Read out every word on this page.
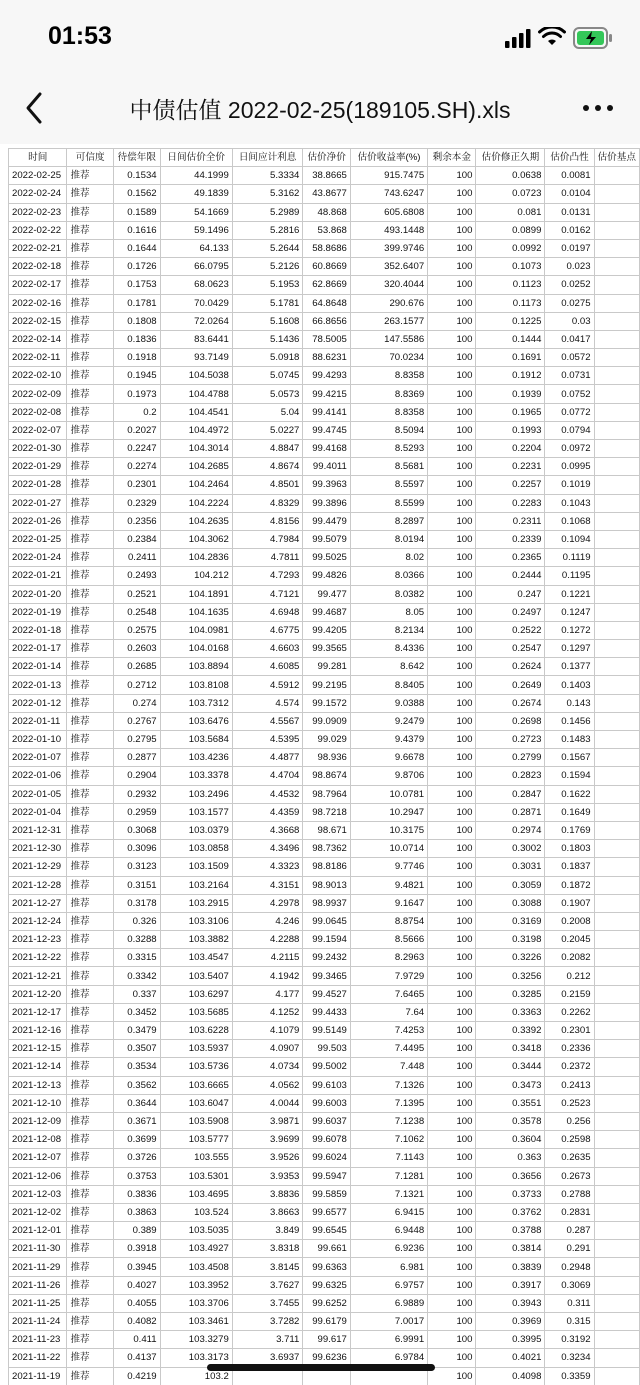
01:53
中债估值 2022-02-25(189105.SH).xls
时间	可信度	待偿年限	日间估价全价	日间应计利息	估价净价	估价收益率(%)	剩余本金	估价修正久期	估价凸性	估价基点
2022-02-25	推荐	0.1534	44.1999	5.3334	38.8665	915.7475	100	0.0638	0.0081	
2022-02-24	推荐	0.1562	49.1839	5.3162	43.8677	743.6247	100	0.0723	0.0104	
2022-02-23	推荐	0.1589	54.1669	5.2989	48.868	605.6808	100	0.081	0.0131	
2022-02-22	推荐	0.1616	59.1496	5.2816	53.868	493.1448	100	0.0899	0.0162	
2022-02-21	推荐	0.1644	64.133	5.2644	58.8686	399.9746	100	0.0992	0.0197	
2022-02-18	推荐	0.1726	66.0795	5.2126	60.8669	352.6407	100	0.1073	0.023	
2022-02-17	推荐	0.1753	68.0623	5.1953	62.8669	320.4044	100	0.1123	0.0252	
2022-02-16	推荐	0.1781	70.0429	5.1781	64.8648	290.676	100	0.1173	0.0275	
2022-02-15	推荐	0.1808	72.0264	5.1608	66.8656	263.1577	100	0.1225	0.03	
2022-02-14	推荐	0.1836	83.6441	5.1436	78.5005	147.5586	100	0.1444	0.0417	
2022-02-11	推荐	0.1918	93.7149	5.0918	88.6231	70.0234	100	0.1691	0.0572	
2022-02-10	推荐	0.1945	104.5038	5.0745	99.4293	8.8358	100	0.1912	0.0731	
2022-02-09	推荐	0.1973	104.4788	5.0573	99.4215	8.8369	100	0.1939	0.0752	
2022-02-08	推荐	0.2	104.4541	5.04	99.4141	8.8358	100	0.1965	0.0772	
2022-02-07	推荐	0.2027	104.4972	5.0227	99.4745	8.5094	100	0.1993	0.0794	
2022-01-30	推荐	0.2247	104.3014	4.8847	99.4168	8.5293	100	0.2204	0.0972	
2022-01-29	推荐	0.2274	104.2685	4.8674	99.4011	8.5681	100	0.2231	0.0995	
2022-01-28	推荐	0.2301	104.2464	4.8501	99.3963	8.5597	100	0.2257	0.1019	
2022-01-27	推荐	0.2329	104.2224	4.8329	99.3896	8.5599	100	0.2283	0.1043	
2022-01-26	推荐	0.2356	104.2635	4.8156	99.4479	8.2897	100	0.2311	0.1068	
2022-01-25	推荐	0.2384	104.3062	4.7984	99.5079	8.0194	100	0.2339	0.1094	
2022-01-24	推荐	0.2411	104.2836	4.7811	99.5025	8.02	100	0.2365	0.1119	
2022-01-21	推荐	0.2493	104.212	4.7293	99.4826	8.0366	100	0.2444	0.1195	
2022-01-20	推荐	0.2521	104.1891	4.7121	99.477	8.0382	100	0.247	0.1221	
2022-01-19	推荐	0.2548	104.1635	4.6948	99.4687	8.05	100	0.2497	0.1247	
2022-01-18	推荐	0.2575	104.0981	4.6775	99.4205	8.2134	100	0.2522	0.1272	
2022-01-17	推荐	0.2603	104.0168	4.6603	99.3565	8.4336	100	0.2547	0.1297	
2022-01-14	推荐	0.2685	103.8894	4.6085	99.281	8.642	100	0.2624	0.1377	
2022-01-13	推荐	0.2712	103.8108	4.5912	99.2195	8.8405	100	0.2649	0.1403	
2022-01-12	推荐	0.274	103.7312	4.574	99.1572	9.0388	100	0.2674	0.143	
2022-01-11	推荐	0.2767	103.6476	4.5567	99.0909	9.2479	100	0.2698	0.1456	
2022-01-10	推荐	0.2795	103.5684	4.5395	99.029	9.4379	100	0.2723	0.1483	
2022-01-07	推荐	0.2877	103.4236	4.4877	98.936	9.6678	100	0.2799	0.1567	
2022-01-06	推荐	0.2904	103.3378	4.4704	98.8674	9.8706	100	0.2823	0.1594	
2022-01-05	推荐	0.2932	103.2496	4.4532	98.7964	10.0781	100	0.2847	0.1622	
2022-01-04	推荐	0.2959	103.1577	4.4359	98.7218	10.2947	100	0.2871	0.1649	
2021-12-31	推荐	0.3068	103.0379	4.3668	98.671	10.3175	100	0.2974	0.1769	
2021-12-30	推荐	0.3096	103.0858	4.3496	98.7362	10.0714	100	0.3002	0.1803	
2021-12-29	推荐	0.3123	103.1509	4.3323	98.8186	9.7746	100	0.3031	0.1837	
2021-12-28	推荐	0.3151	103.2164	4.3151	98.9013	9.4821	100	0.3059	0.1872	
2021-12-27	推荐	0.3178	103.2915	4.2978	98.9937	9.1647	100	0.3088	0.1907	
2021-12-24	推荐	0.326	103.3106	4.246	99.0645	8.8754	100	0.3169	0.2008	
2021-12-23	推荐	0.3288	103.3882	4.2288	99.1594	8.5666	100	0.3198	0.2045	
2021-12-22	推荐	0.3315	103.4547	4.2115	99.2432	8.2963	100	0.3226	0.2082	
2021-12-21	推荐	0.3342	103.5407	4.1942	99.3465	7.9729	100	0.3256	0.212	
2021-12-20	推荐	0.337	103.6297	4.177	99.4527	7.6465	100	0.3285	0.2159	
2021-12-17	推荐	0.3452	103.5685	4.1252	99.4433	7.64	100	0.3363	0.2262	
2021-12-16	推荐	0.3479	103.6228	4.1079	99.5149	7.4253	100	0.3392	0.2301	
2021-12-15	推荐	0.3507	103.5937	4.0907	99.503	7.4495	100	0.3418	0.2336	
2021-12-14	推荐	0.3534	103.5736	4.0734	99.5002	7.448	100	0.3444	0.2372	
2021-12-13	推荐	0.3562	103.6665	4.0562	99.6103	7.1326	100	0.3473	0.2413	
2021-12-10	推荐	0.3644	103.6047	4.0044	99.6003	7.1395	100	0.3551	0.2523	
2021-12-09	推荐	0.3671	103.5908	3.9871	99.6037	7.1238	100	0.3578	0.256	
2021-12-08	推荐	0.3699	103.5777	3.9699	99.6078	7.1062	100	0.3604	0.2598	
2021-12-07	推荐	0.3726	103.555	3.9526	99.6024	7.1143	100	0.363	0.2635	
2021-12-06	推荐	0.3753	103.5301	3.9353	99.5947	7.1281	100	0.3656	0.2673	
2021-12-03	推荐	0.3836	103.4695	3.8836	99.5859	7.1321	100	0.3733	0.2788	
2021-12-02	推荐	0.3863	103.524	3.8663	99.6577	6.9415	100	0.3762	0.2831	
2021-12-01	推荐	0.389	103.5035	3.849	99.6545	6.9448	100	0.3788	0.287	
2021-11-30	推荐	0.3918	103.4927	3.8318	99.661	6.9236	100	0.3814	0.291	
2021-11-29	推荐	0.3945	103.4508	3.8145	99.6363	6.981	100	0.3839	0.2948	
2021-11-26	推荐	0.4027	103.3952	3.7627	99.6325	6.9757	100	0.3917	0.3069	
2021-11-25	推荐	0.4055	103.3706	3.7455	99.6252	6.9889	100	0.3943	0.311	
2021-11-24	推荐	0.4082	103.3461	3.7282	99.6179	7.0017	100	0.3969	0.315	
2021-11-23	推荐	0.411	103.3279	3.711	99.617	6.9991	100	0.3995	0.3192	
2021-11-22	推荐	0.4137	103.3173	3.6937	99.6236	6.9784	100	0.4021	0.3234	
2021-11-19	推荐	0.4219	103.2				100	0.4098	0.3359	
